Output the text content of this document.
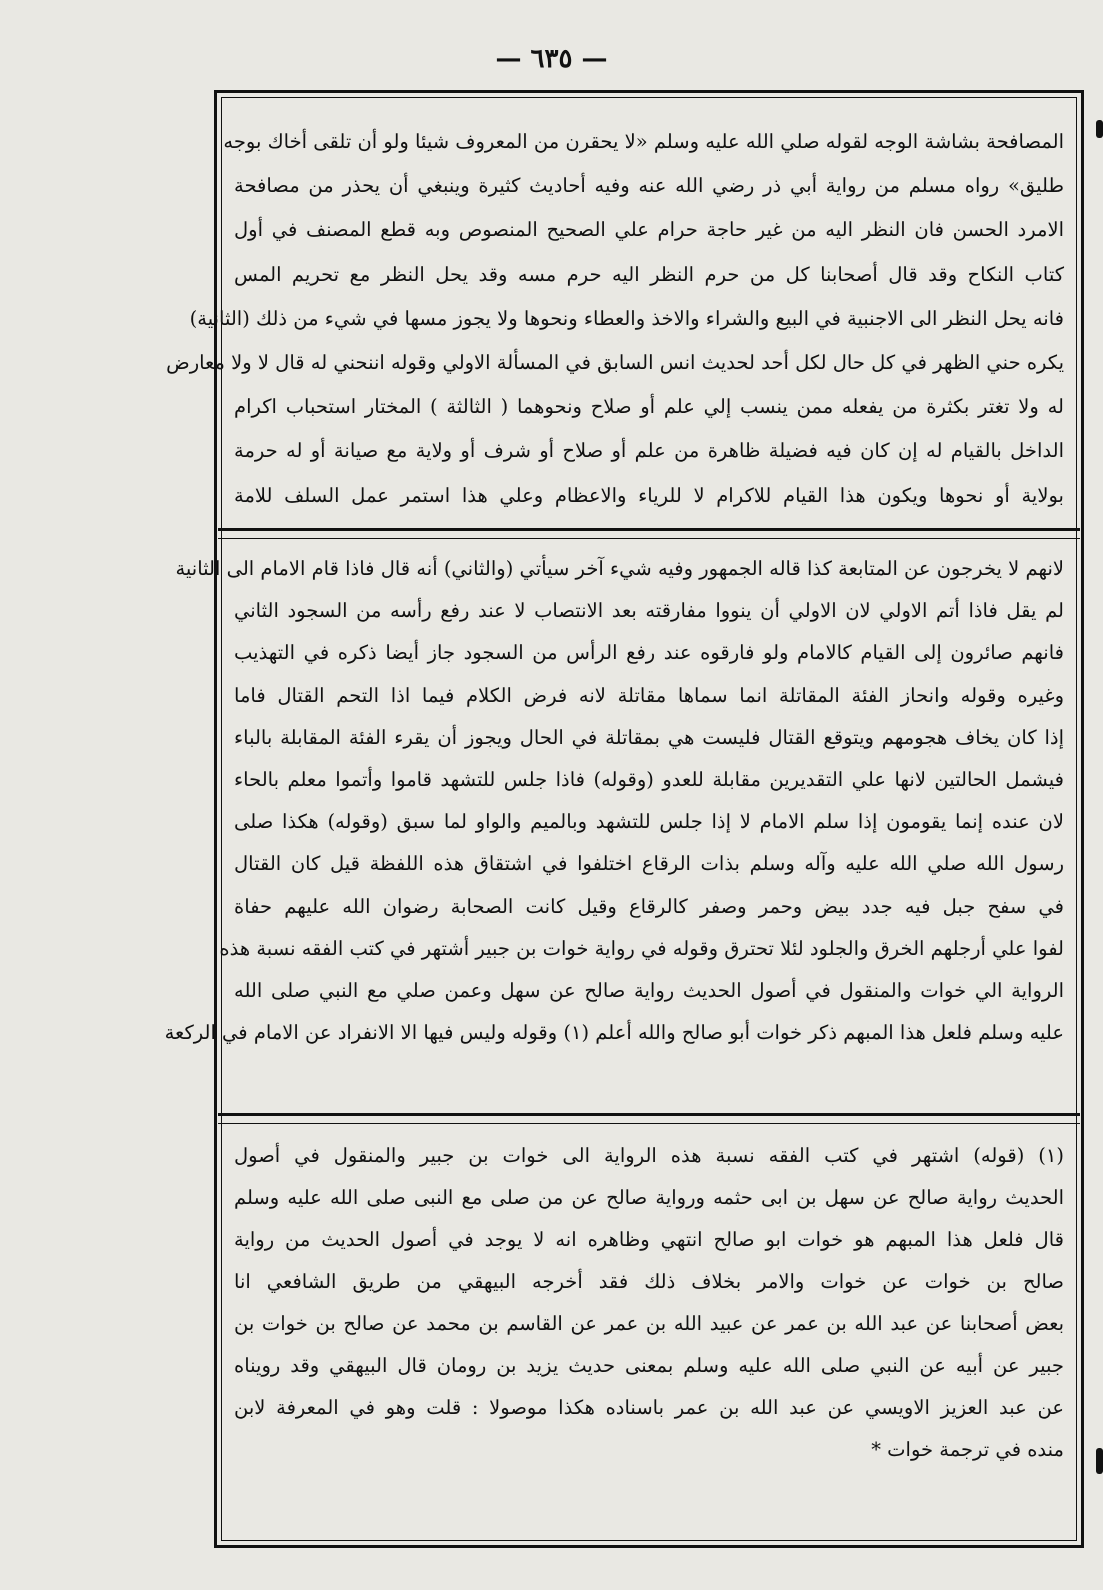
— ٦٣٥ —
المصافحة بشاشة الوجه لقوله صلي الله عليه وسلم «لا يحقرن من المعروف شيئا ولو أن تلقى أخاك بوجه
طليق» رواه مسلم من رواية أبي ذر رضي الله عنه وفيه أحاديث كثيرة وينبغي أن يحذر من مصافحة
الامرد الحسن فان النظر اليه من غير حاجة حرام علي الصحيح المنصوص وبه قطع المصنف في أول
كتاب النكاح وقد قال أصحابنا كل من حرم النظر اليه حرم مسه وقد يحل النظر مع تحريم المس
فانه يحل النظر الى الاجنبية في البيع والشراء والاخذ والعطاء ونحوها ولا يجوز مسها في شيء من ذلك (الثانية)
يكره حني الظهر في كل حال لكل أحد لحديث انس السابق في المسألة الاولي وقوله اننحني له قال لا ولا معارض
له ولا تغتر بكثرة من يفعله ممن ينسب إلي علم أو صلاح ونحوهما ( الثالثة ) المختار استحباب اكرام
الداخل بالقيام له إن كان فيه فضيلة ظاهرة من علم أو صلاح أو شرف أو ولاية مع صيانة أو له حرمة
بولاية أو نحوها ويكون هذا القيام للاكرام لا للرياء والاعظام وعلي هذا استمر عمل السلف للامة
لانهم لا يخرجون عن المتابعة كذا قاله الجمهور وفيه شيء آخر سيأتي (والثاني) أنه قال فاذا قام الامام الى الثانية
لم يقل فاذا أتم الاولي لان الاولي أن ينووا مفارقته بعد الانتصاب لا عند رفع رأسه من السجود الثاني
فانهم صائرون إلى القيام كالامام ولو فارقوه عند رفع الرأس من السجود جاز أيضا ذكره في التهذيب
وغيره وقوله وانحاز الفئة المقاتلة انما سماها مقاتلة لانه فرض الكلام فيما اذا التحم القتال فاما
إذا كان يخاف هجومهم ويتوقع القتال فليست هي بمقاتلة في الحال ويجوز أن يقرء الفئة المقابلة بالباء
فيشمل الحالتين لانها علي التقديرين مقابلة للعدو (وقوله) فاذا جلس للتشهد قاموا وأتموا معلم بالحاء
لان عنده إنما يقومون إذا سلم الامام لا إذا جلس للتشهد وبالميم والواو لما سبق (وقوله) هكذا صلى
رسول الله صلي الله عليه وآله وسلم بذات الرقاع اختلفوا في اشتقاق هذه اللفظة قيل كان القتال
في سفح جبل فيه جدد بيض وحمر وصفر كالرقاع وقيل كانت الصحابة رضوان الله عليهم حفاة
لفوا علي أرجلهم الخرق والجلود لئلا تحترق وقوله في رواية خوات بن جبير أشتهر في كتب الفقه نسبة هذه
الرواية الي خوات والمنقول في أصول الحديث رواية صالح عن سهل وعمن صلي مع النبي صلى الله
عليه وسلم فلعل هذا المبهم ذكر خوات أبو صالح والله أعلم (١) وقوله وليس فيها الا الانفراد عن الامام في الركعة
(١) (قوله) اشتهر في كتب الفقه نسبة هذه الرواية الى خوات بن جبير والمنقول في أصول
الحديث رواية صالح عن سهل بن ابى حثمه ورواية صالح عن من صلى مع النبى صلى الله عليه وسلم
قال فلعل هذا المبهم هو خوات ابو صالح انتهي وظاهره انه لا يوجد في أصول الحديث من رواية
صالح بن خوات عن خوات والامر بخلاف ذلك فقد أخرجه البيهقي من طريق الشافعي انا
بعض أصحابنا عن عبد الله بن عمر عن عبيد الله بن عمر عن القاسم بن محمد عن صالح بن خوات بن
جبير عن أبيه عن النبي صلى الله عليه وسلم بمعنى حديث يزيد بن رومان قال البيهقي وقد رويناه
عن عبد العزيز الاويسي عن عبد الله بن عمر باسناده هكذا موصولا : قلت وهو في المعرفة لابن
منده في ترجمة خوات *
